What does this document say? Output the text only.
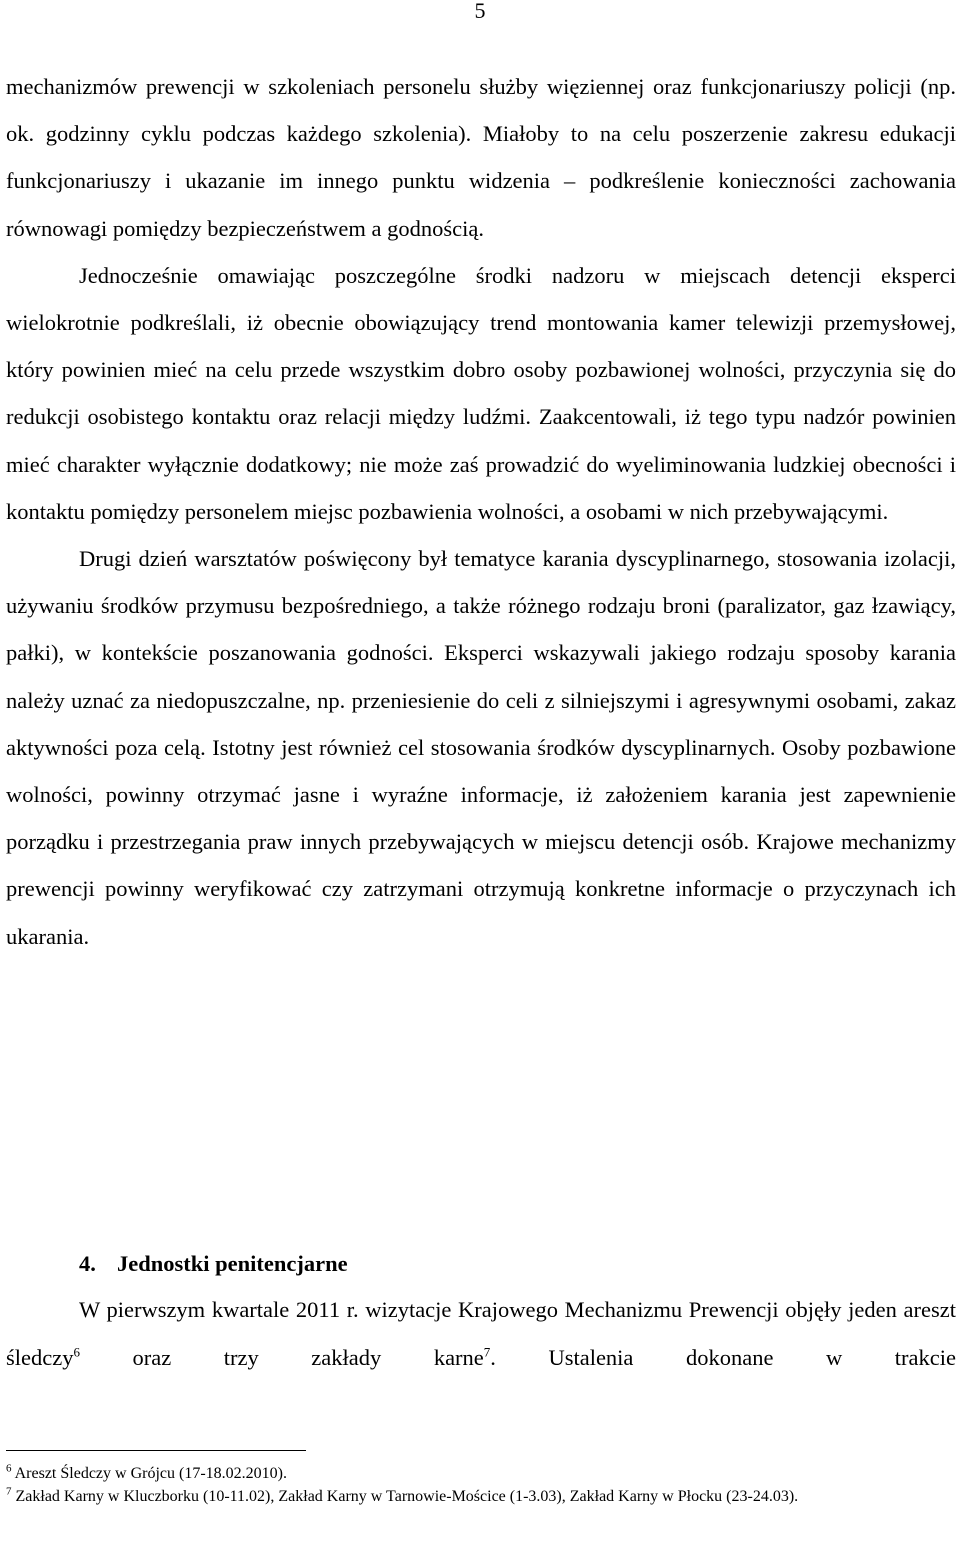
5

mechanizmów prewencji w szkoleniach personelu służby więziennej oraz funkcjonariuszy policji (np. ok. godzinny cyklu podczas każdego szkolenia). Miałoby to na celu poszerzenie zakresu edukacji funkcjonariuszy i ukazanie im innego punktu widzenia – podkreślenie konieczności zachowania równowagi pomiędzy bezpieczeństwem a godnością.

Jednocześnie omawiając poszczególne środki nadzoru w miejscach detencji eksperci wielokrotnie podkreślali, iż obecnie obowiązujący trend montowania kamer telewizji przemysłowej, który powinien mieć na celu przede wszystkim dobro osoby pozbawionej wolności, przyczynia się do redukcji osobistego kontaktu oraz relacji między ludźmi. Zaakcentowali, iż tego typu nadzór powinien mieć charakter wyłącznie dodatkowy; nie może zaś prowadzić do wyeliminowania ludzkiej obecności i kontaktu pomiędzy personelem miejsc pozbawienia wolności, a osobami w nich przebywającymi.

Drugi dzień warsztatów poświęcony był tematyce karania dyscyplinarnego, stosowania izolacji, używaniu środków przymusu bezpośredniego, a także różnego rodzaju broni (paralizator, gaz łzawiący, pałki), w kontekście poszanowania godności. Eksperci wskazywali jakiego rodzaju sposoby karania należy uznać za niedopuszczalne, np. przeniesienie do celi z silniejszymi i agresywnymi osobami, zakaz aktywności poza celą. Istotny jest również cel stosowania środków dyscyplinarnych. Osoby pozbawione wolności, powinny otrzymać jasne i wyraźne informacje, iż założeniem karania jest zapewnienie porządku i przestrzegania praw innych przebywających w miejscu detencji osób. Krajowe mechanizmy prewencji powinny weryfikować czy zatrzymani otrzymują konkretne informacje o przyczynach ich ukarania.

4. Jednostki penitencjarne

W pierwszym kwartale 2011 r. wizytacje Krajowego Mechanizmu Prewencji objęły jeden areszt śledczy$^6$ oraz trzy zakłady karne$^7$. Ustalenia dokonane w trakcie

$^6$ Areszt Śledczy w Grójcu (17-18.02.2010).
$^7$ Zakład Karny w Kluczborku (10-11.02), Zakład Karny w Tarnowie-Mościce (1-3.03), Zakład Karny w Płocku (23-24.03).
